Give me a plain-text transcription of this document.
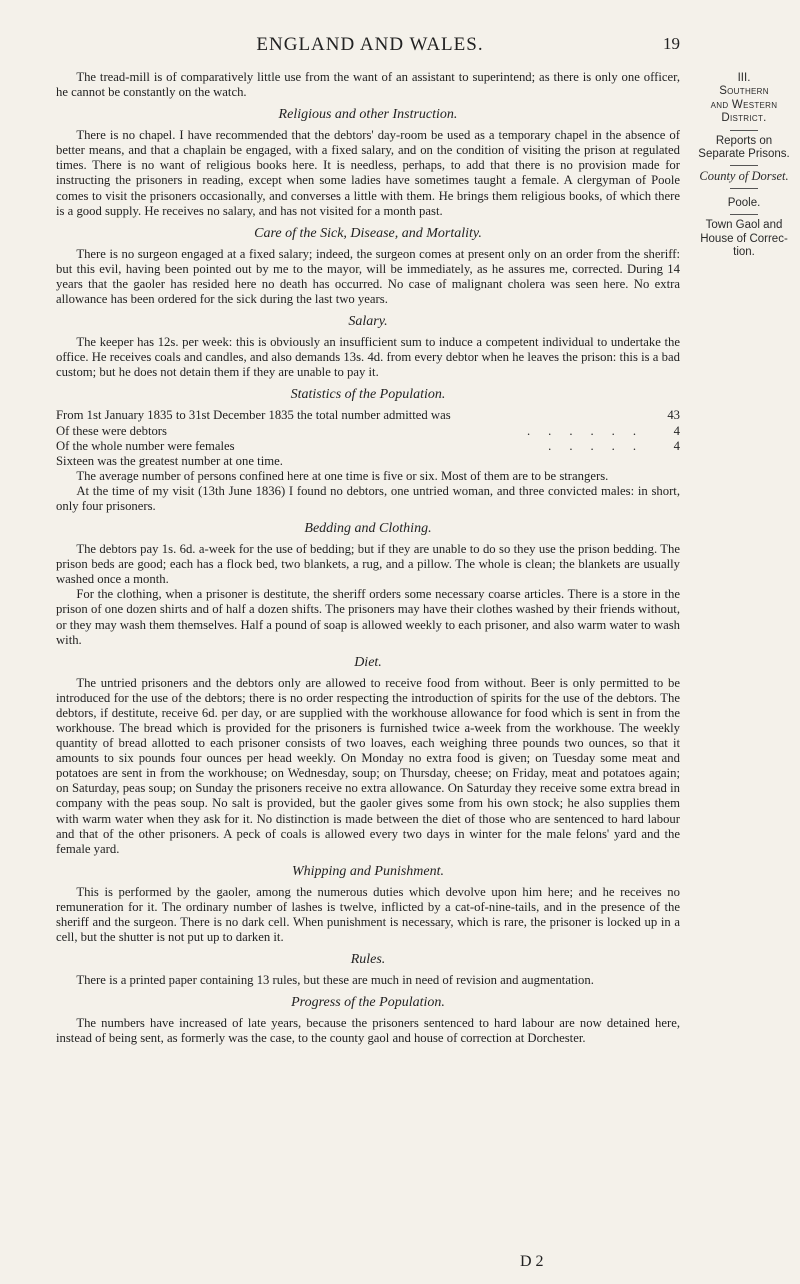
ENGLAND AND WALES.	19

The tread-mill is of comparatively little use from the want of an assistant to superintend; as there is only one officer, he cannot be constantly on the watch.

Religious and other Instruction.

There is no chapel. I have recommended that the debtors' day-room be used as a temporary chapel in the absence of better means, and that a chaplain be engaged, with a fixed salary, and on the condition of visiting the prison at regulated times. There is no want of religious books here. It is needless, perhaps, to add that there is no provision made for instructing the prisoners in reading, except when some ladies have sometimes taught a female. A clergyman of Poole comes to visit the prisoners occasionally, and converses a little with them. He brings them religious books, of which there is a good supply. He receives no salary, and has not visited for a month past.

Care of the Sick, Disease, and Mortality.

There is no surgeon engaged at a fixed salary; indeed, the surgeon comes at present only on an order from the sheriff: but this evil, having been pointed out by me to the mayor, will be immediately, as he assures me, corrected. During 14 years that the gaoler has resided here no death has occurred. No case of malignant cholera was seen here. No extra allowance has been ordered for the sick during the last two years.

Salary.

The keeper has 12s. per week: this is obviously an insufficient sum to induce a competent individual to undertake the office. He receives coals and candles, and also demands 13s. 4d. from every debtor when he leaves the prison: this is a bad custom; but he does not detain them if they are unable to pay it.

Statistics of the Population.
From 1st January 1835 to 31st December 1835 the total number admitted was	43
Of these were debtors	......	4
Of the whole number were females	.....	4

Sixteen was the greatest number at one time.

The average number of persons confined here at one time is five or six. Most of them are to be strangers.

At the time of my visit (13th June 1836) I found no debtors, one untried woman, and three convicted males: in short, only four prisoners.

Bedding and Clothing.

The debtors pay 1s. 6d. a-week for the use of bedding; but if they are unable to do so they use the prison bedding. The prison beds are good; each has a flock bed, two blankets, a rug, and a pillow. The whole is clean; the blankets are usually washed once a month.

For the clothing, when a prisoner is destitute, the sheriff orders some necessary coarse articles. There is a store in the prison of one dozen shirts and of half a dozen shifts. The prisoners may have their clothes washed by their friends without, or they may wash them themselves. Half a pound of soap is allowed weekly to each prisoner, and also warm water to wash with.

Diet.

The untried prisoners and the debtors only are allowed to receive food from without. Beer is only permitted to be introduced for the use of the debtors; there is no order respecting the introduction of spirits for the use of the debtors. The debtors, if destitute, receive 6d. per day, or are supplied with the workhouse allowance for food which is sent in from the workhouse. The bread which is provided for the prisoners is furnished twice a-week from the workhouse. The weekly quantity of bread allotted to each prisoner consists of two loaves, each weighing three pounds two ounces, so that it amounts to six pounds four ounces per head weekly. On Monday no extra food is given; on Tuesday some meat and potatoes are sent in from the workhouse; on Wednesday, soup; on Thursday, cheese; on Friday, meat and potatoes again; on Saturday, peas soup; on Sunday the prisoners receive no extra allowance. On Saturday they receive some extra bread in company with the peas soup. No salt is provided, but the gaoler gives some from his own stock; he also supplies them with warm water when they ask for it. No distinction is made between the diet of those who are sentenced to hard labour and that of the other prisoners. A peck of coals is allowed every two days in winter for the male felons' yard and the female yard.

Whipping and Punishment.

This is performed by the gaoler, among the numerous duties which devolve upon him here; and he receives no remuneration for it. The ordinary number of lashes is twelve, inflicted by a cat-of-nine-tails, and in the presence of the sheriff and the surgeon. There is no dark cell. When punishment is necessary, which is rare, the prisoner is locked up in a cell, but the shutter is not put up to darken it.

Rules.

There is a printed paper containing 13 rules, but these are much in need of revision and augmentation.

Progress of the Population.

The numbers have increased of late years, because the prisoners sentenced to hard labour are now detained here, instead of being sent, as formerly was the case, to the county gaol and house of correction at Dorchester.

III.
Southern
and Western
District.
Reports on
Separate Prisons.
County of Dorset.
Poole.
Town Gaol and
House of Correc-
tion.
D 2
